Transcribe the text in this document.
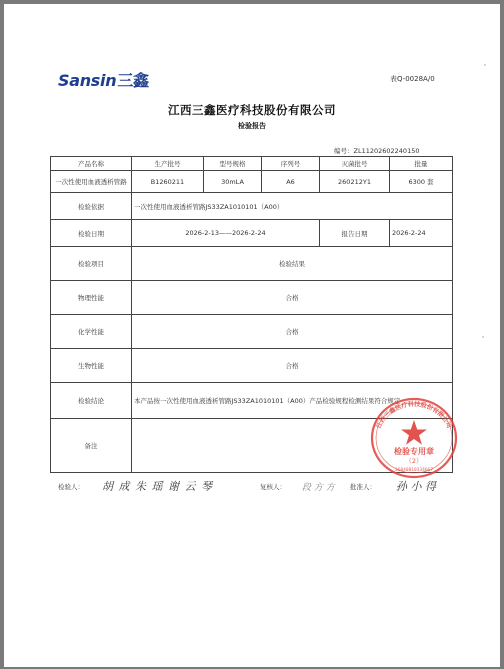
Sansin三鑫	表Q-0028A/0
江西三鑫医疗科技股份有限公司
检验报告
编号：ZL11202602240150
产品名称	生产批号	型号规格	序列号	灭菌批号	批量
一次性使用血液透析管路	B1260211	30mLA	A6	260212Y1	6300 套
检验依据	一次性使用血液透析管路JS33ZA1010101（A00）				
检验日期	2026-2-13——2026-2-24			报告日期	2026-2-24
检验项目	检验结果				
物理性能	合格				
化学性能	合格				
生物性能	合格				
检验结论	本产品按一次性使用血液透析管路JS33ZA1010101（A00）产品检验规程检测结果符合规定				
备注					
检验人： 胡 成 朱 瑶 谢 云 琴	复核人： 段 方 方 批准人： 孙 小 得
江西三鑫医疗科技股份有限公司
检验专用章
（2）
36040810334667
